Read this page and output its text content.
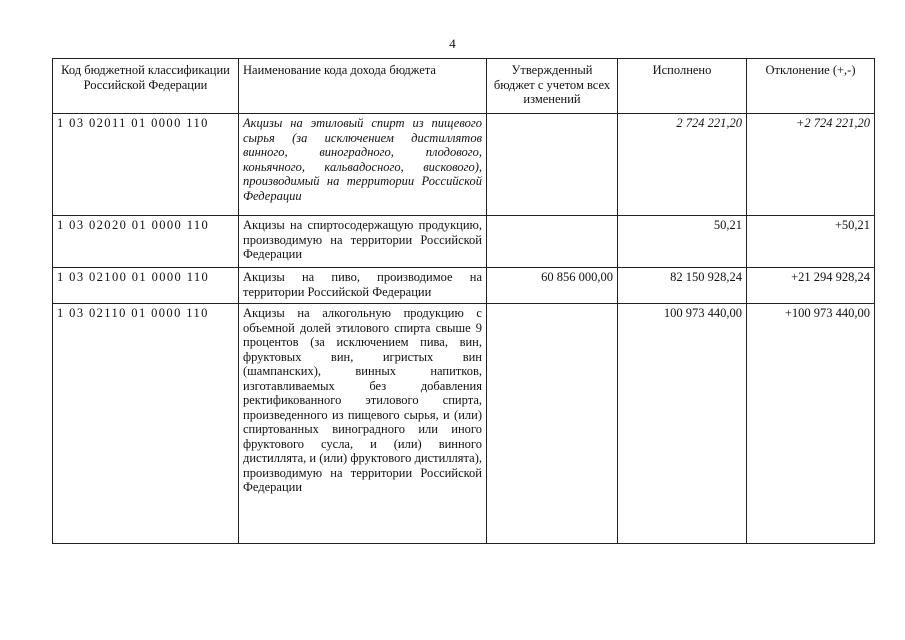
4
Код бюджетной классификации Российской Федерации	Наименование кода дохода бюджета	Утвержденный бюджет с учетом всех изменений	Исполнено	Отклонение (+,-)
1 03 02011 01 0000 110	Акцизы на этиловый спирт из пищевого сырья (за исключением дистиллятов винного, виноградного, плодового, коньячного, кальвадосного, вискового), производимый на территории Российской Федерации		2 724 221,20	+2 724 221,20
1 03 02020 01 0000 110	Акцизы на спиртосодержащую продукцию, производимую на территории Российской Федерации		50,21	+50,21
1 03 02100 01 0000 110	Акцизы на пиво, производимое на территории Российской Федерации	60 856 000,00	82 150 928,24	+21 294 928,24
1 03 02110 01 0000 110	Акцизы на алкогольную продукцию с объемной долей этилового спирта свыше 9 процентов (за исключением пива, вин, фруктовых вин, игристых вин (шампанских), винных напитков, изготавливаемых без добавления ректификованного этилового спирта, произведенного из пищевого сырья, и (или) спиртованных виноградного или иного фруктового сусла, и (или) винного дистиллята, и (или) фруктового дистиллята), производимую на территории Российской Федерации		100 973 440,00	+100 973 440,00
